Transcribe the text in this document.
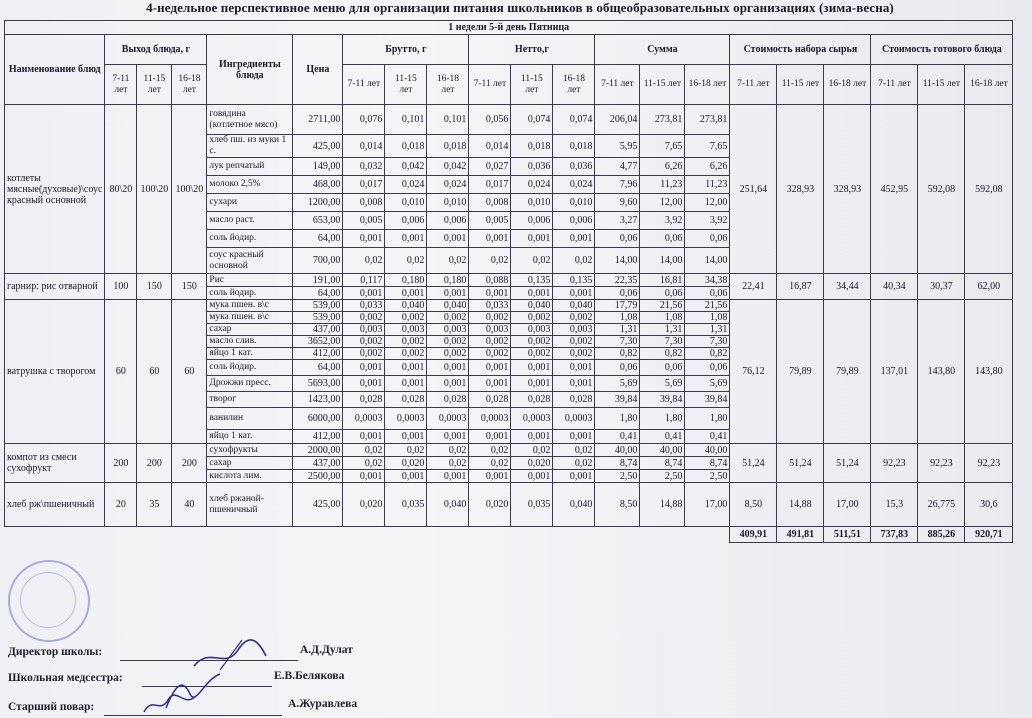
4-недельное перспективное меню для организации питания школьников в общеобразовательных организациях (зима-весна)
1 недели 5-й день Пятница																				
Наименование блюд	Выход блюда, г			Ингредиенты блюда	Цена	Брутто, г			Нетто,г			Сумма			Стоимость набора сырья			Стоимость готового блюда		
	7-11 лет	11-15 лет	16-18 лет			7-11 лет	11-15 лет	16-18 лет	7-11 лет	11-15 лет	16-18 лет	7-11 лет	11-15 лет	16-18 лет	7-11 лет	11-15 лет	16-18 лет	7-11 лет	11-15 лет	16-18 лет
котлеты мясные(духовые)\соус красный основной	80\20	100\20	100\20	говядина (котлетное мясо)	2711,00	0,076	0,101	0,101	0,056	0,074	0,074	206,04	273,81	273,81	251,64	328,93	328,93	452,95	592,08	592,08
				хлеб пш. из муки 1 с.	425,00	0,014	0,018	0,018	0,014	0,018	0,018	5,95	7,65	7,65						
				лук репчатый	149,00	0,032	0,042	0,042	0,027	0,036	0,036	4,77	6,26	6,26						
				молоко 2,5%	468,00	0,017	0,024	0,024	0,017	0,024	0,024	7,96	11,23	11,23						
				сухари	1200,00	0,008	0,010	0,010	0,008	0,010	0,010	9,60	12,00	12,00						
				масло раст.	653,00	0,005	0,006	0,006	0,005	0,006	0,006	3,27	3,92	3,92						
				соль йодир.	64,00	0,001	0,001	0,001	0,001	0,001	0,001	0,06	0,06	0,06						
				соус красный основной	700,00	0,02	0,02	0,02	0,02	0,02	0,02	14,00	14,00	14,00						
гарнир: рис отварной	100	150	150	Рис	191,00	0,117	0,180	0,180	0,088	0,135	0,135	22,35	16,81	34,38	22,41	16,87	34,44	40,34	30,37	62,00
				соль йодир.	64,00	0,001	0,001	0,001	0,001	0,001	0,001	0,06	0,06	0,06						
ватрушка с творогом	60	60	60	мука пшен. в\с	539,00	0,033	0,040	0,040	0,033	0,040	0,040	17,79	21,56	21,56	76,12	79,89	79,89	137,01	143,80	143,80
				мука пшен. в\с	539,00	0,002	0,002	0,002	0,002	0,002	0,002	1,08	1,08	1,08						
				сахар	437,00	0,003	0,003	0,003	0,003	0,003	0,003	1,31	1,31	1,31						
				масло слив.	3652,00	0,002	0,002	0,002	0,002	0,002	0,002	7,30	7,30	7,30						
				яйцо 1 кат.	412,00	0,002	0,002	0,002	0,002	0,002	0,002	0,82	0,82	0,82						
				соль йодир.	64,00	0,001	0,001	0,001	0,001	0,001	0,001	0,06	0,06	0,06						
				Дрожжи пресс.	5693,00	0,001	0,001	0,001	0,001	0,001	0,001	5,69	5,69	5,69						
				творог	1423,00	0,028	0,028	0,028	0,028	0,028	0,028	39,84	39,84	39,84						
				ванилин	6000,00	0,0003	0,0003	0,0003	0,0003	0,0003	0,0003	1,80	1,80	1,80						
				яйцо 1 кат.	412,00	0,001	0,001	0,001	0,001	0,001	0,001	0,41	0,41	0,41						
компот из смеси сухофрукт	200	200	200	сухофрукты	2000,00	0,02	0,02	0,02	0,02	0,02	0,02	40,00	40,00	40,00	51,24	51,24	51,24	92,23	92,23	92,23
				сахар	437,00	0,02	0,020	0,02	0,02	0,020	0,02	8,74	8,74	8,74						
				кислота лим.	2500,00	0,001	0,001	0,001	0,001	0,001	0,001	2,50	2,50	2,50						
хлеб рж\пшеничный	20	35	40	хлеб ржаной-пшеничный	425,00	0,020	0,035	0,040	0,020	0,035	0,040	8,50	14,88	17,00	8,50	14,88	17,00	15,3	26,775	30,6
															409,91	491,81	511,51	737,83	885,26	920,71
Директор школы:	А.Д.Дулат
Школьная медсестра:	Е.В.Белякова
Старший повар:	А.Журавлева
